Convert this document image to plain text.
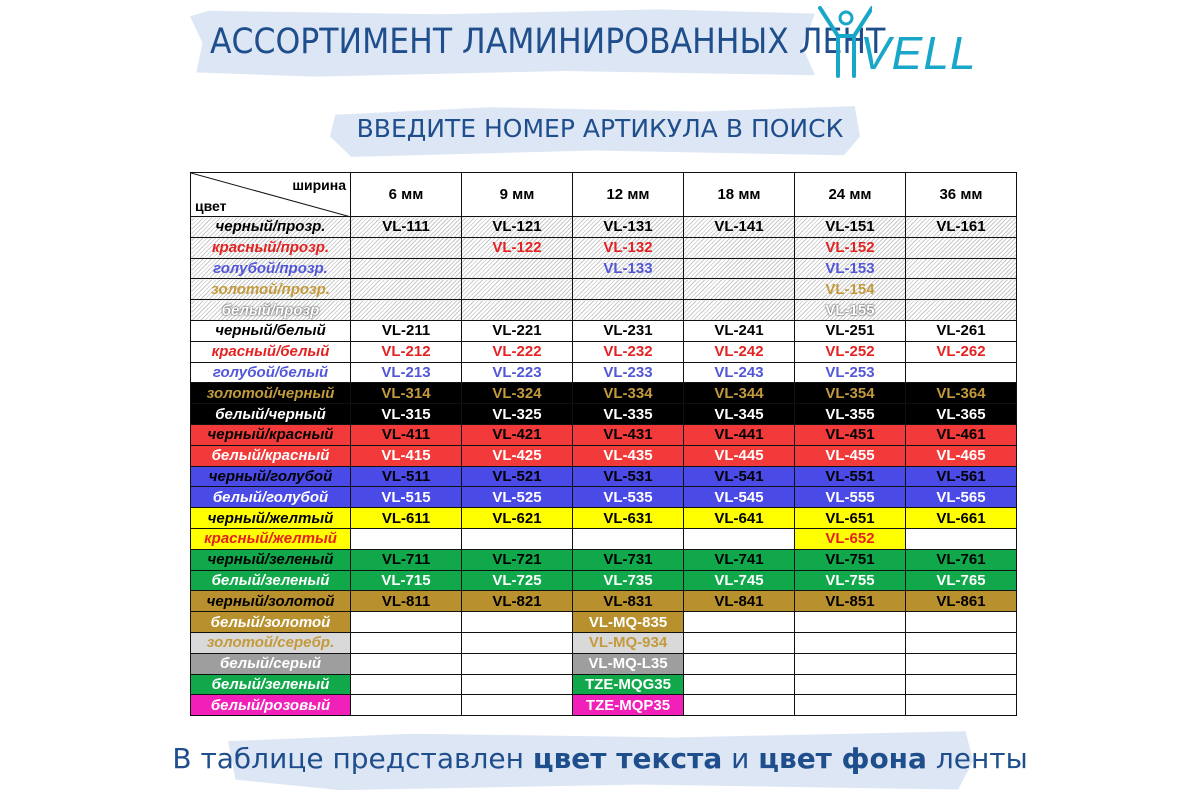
АССОРТИМЕНТ ЛАМИНИРОВАННЫХ ЛЕНТ
VELL
ВВЕДИТЕ НОМЕР АРТИКУЛА В ПОИСК
ширина
цвет	6 мм	9 мм	12 мм	18 мм	24 мм	36 мм
черный/прозр.	VL-111	VL-121	VL-131	VL-141	VL-151	VL-161
красный/прозр.		VL-122	VL-132		VL-152	
голубой/прозр.			VL-133		VL-153	
золотой/прозр.					VL-154	
белый/прозр					VL-155	
черный/белый	VL-211	VL-221	VL-231	VL-241	VL-251	VL-261
красный/белый	VL-212	VL-222	VL-232	VL-242	VL-252	VL-262
голубой/белый	VL-213	VL-223	VL-233	VL-243	VL-253	
золотой/черный	VL-314	VL-324	VL-334	VL-344	VL-354	VL-364
белый/черный	VL-315	VL-325	VL-335	VL-345	VL-355	VL-365
черный/красный	VL-411	VL-421	VL-431	VL-441	VL-451	VL-461
белый/красный	VL-415	VL-425	VL-435	VL-445	VL-455	VL-465
черный/голубой	VL-511	VL-521	VL-531	VL-541	VL-551	VL-561
белый/голубой	VL-515	VL-525	VL-535	VL-545	VL-555	VL-565
черный/желтый	VL-611	VL-621	VL-631	VL-641	VL-651	VL-661
красный/желтый					VL-652	
черный/зеленый	VL-711	VL-721	VL-731	VL-741	VL-751	VL-761
белый/зеленый	VL-715	VL-725	VL-735	VL-745	VL-755	VL-765
черный/золотой	VL-811	VL-821	VL-831	VL-841	VL-851	VL-861
белый/золотой			VL-MQ-835			
золотой/серебр.			VL-MQ-934			
белый/серый			VL-MQ-L35			
белый/зеленый			TZE-MQG35			
белый/розовый			TZE-MQP35			
В таблице представлен цвет текста и цвет фона ленты
